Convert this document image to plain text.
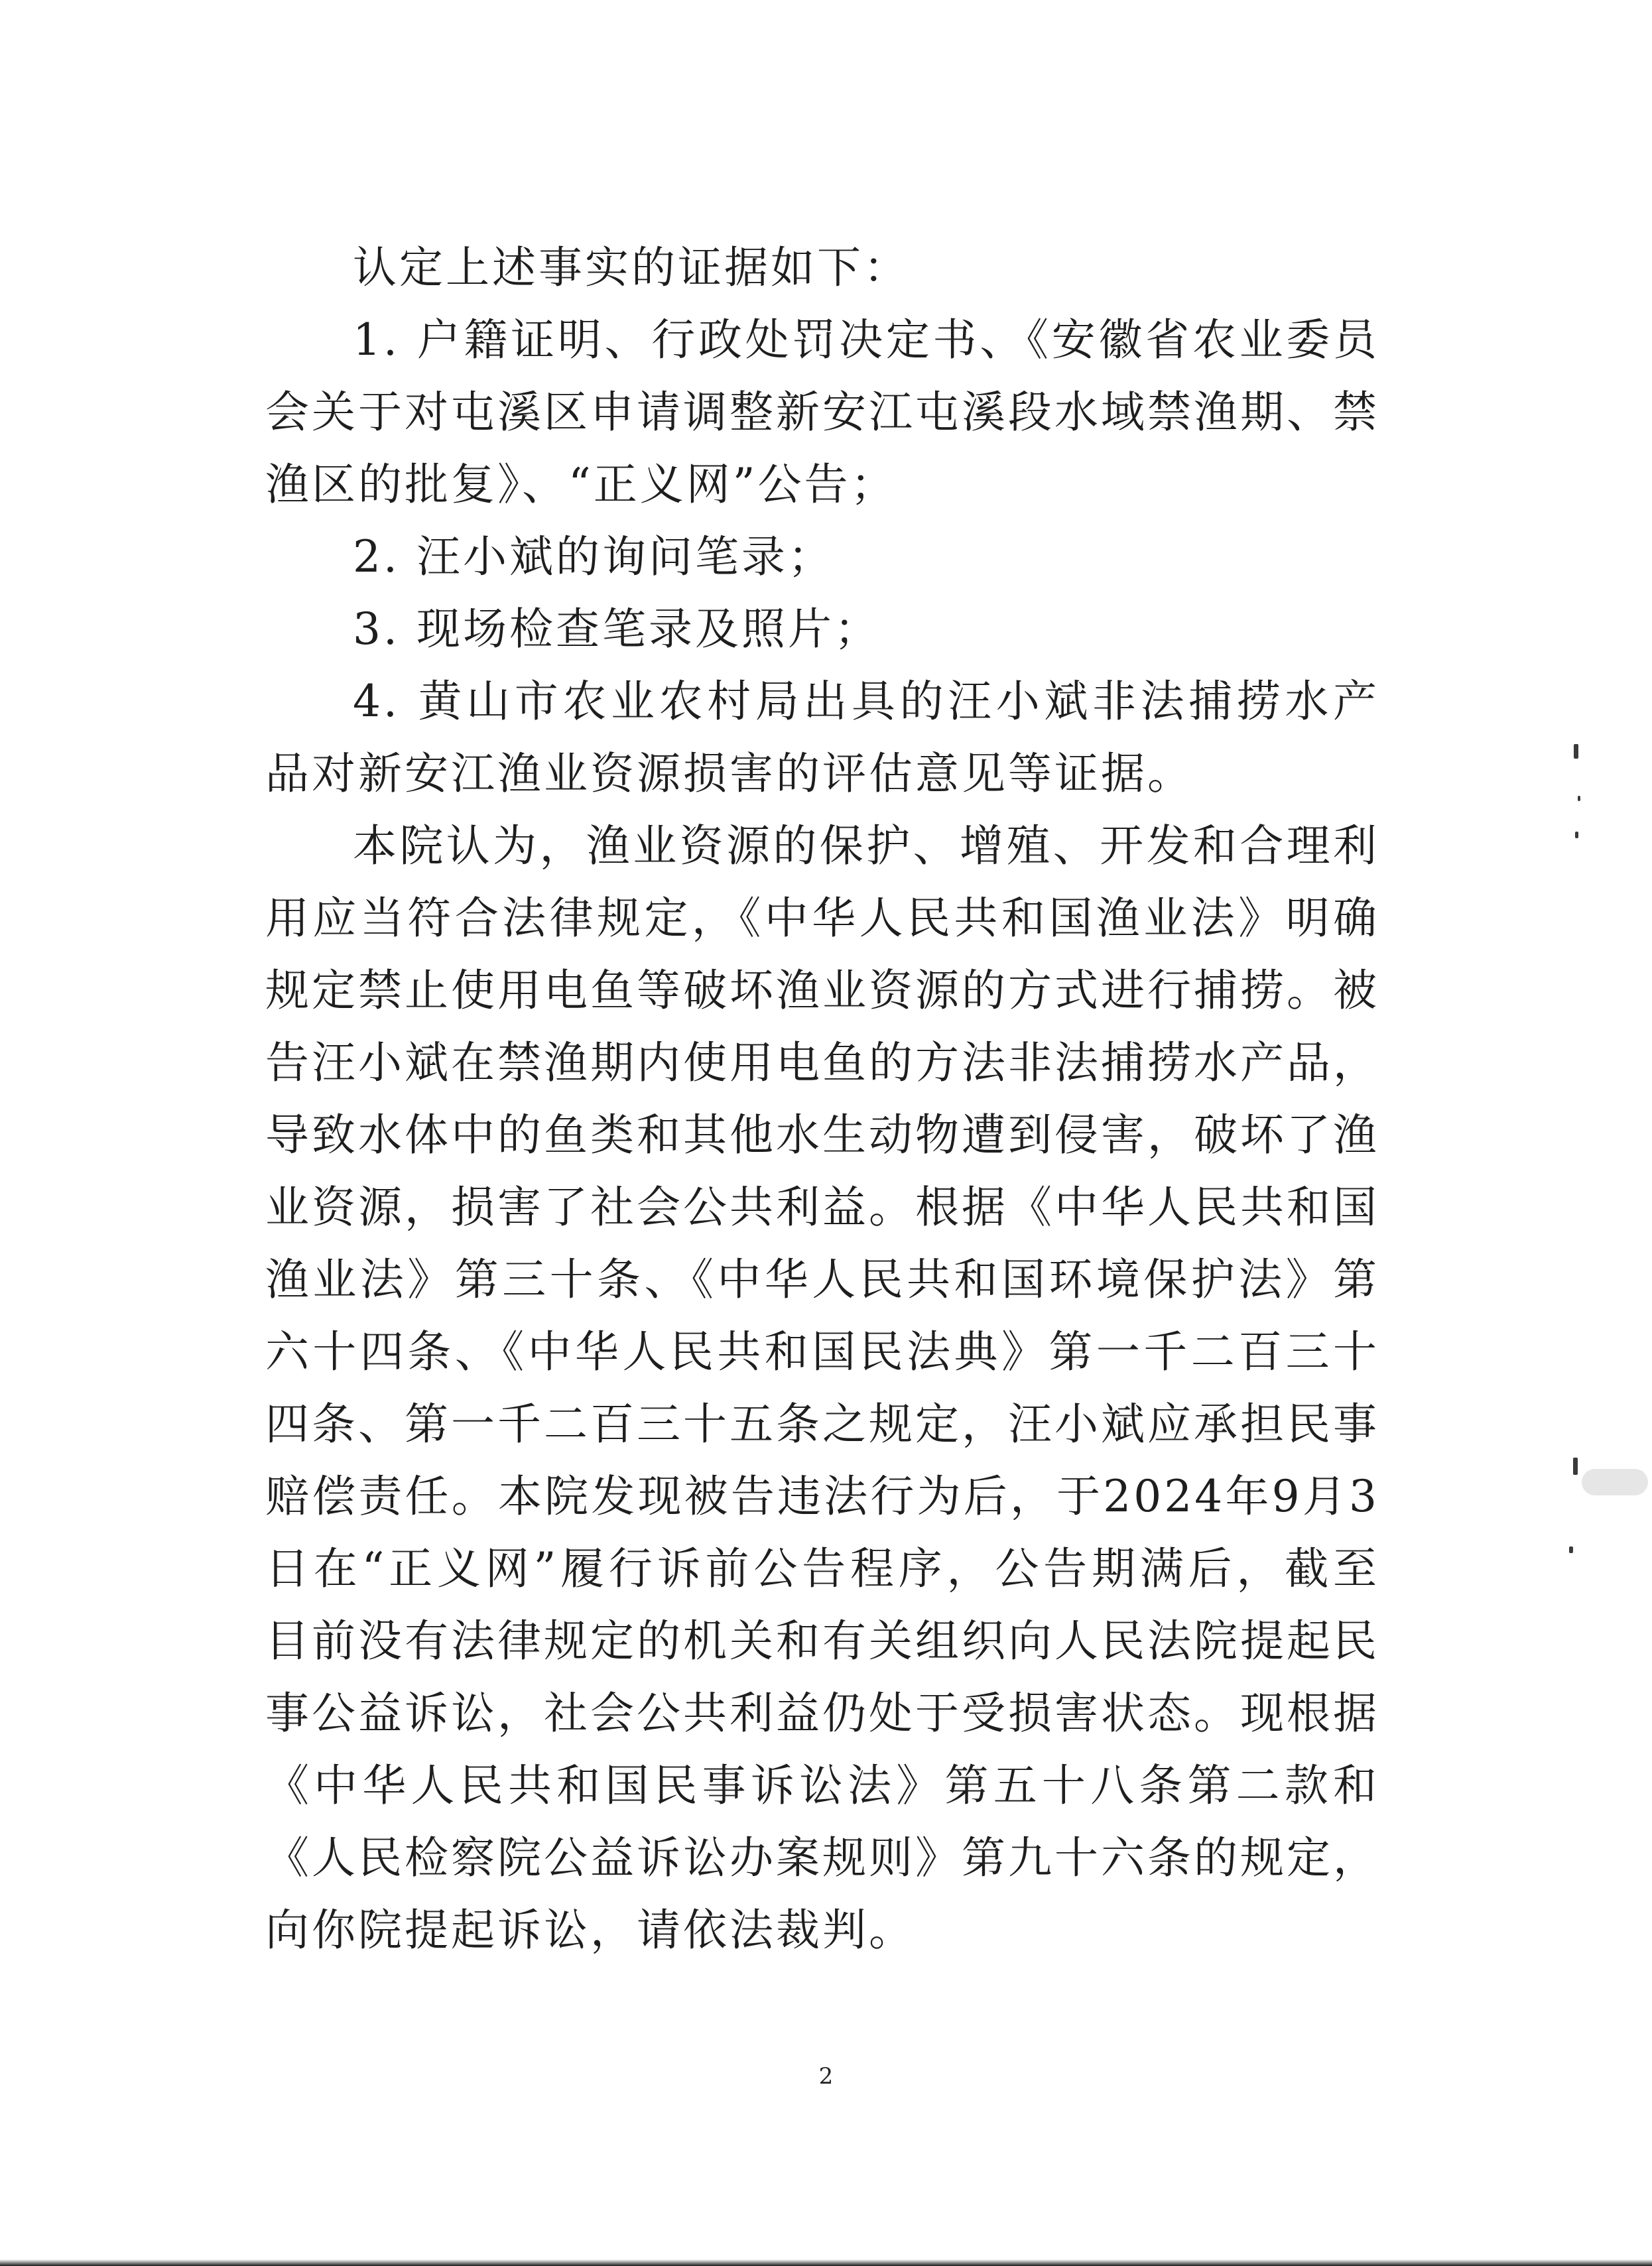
认定上述事实的证据如下：

1. 户籍证明、行政处罚决定书、《安徽省农业委员会关于对屯溪区申请调整新安江屯溪段水域禁渔期、禁渔区的批复》、“正义网”公告；

2. 汪小斌的询问笔录；

3. 现场检查笔录及照片；

4. 黄山市农业农村局出具的汪小斌非法捕捞水产品对新安江渔业资源损害的评估意见等证据。

本院认为，渔业资源的保护、增殖、开发和合理利用应当符合法律规定，《中华人民共和国渔业法》明确规定禁止使用电鱼等破坏渔业资源的方式进行捕捞。被告汪小斌在禁渔期内使用电鱼的方法非法捕捞水产品，导致水体中的鱼类和其他水生动物遭到侵害，破坏了渔业资源，损害了社会公共利益。根据《中华人民共和国渔业法》第三十条、《中华人民共和国环境保护法》第六十四条、《中华人民共和国民法典》第一千二百三十四条、第一千二百三十五条之规定，汪小斌应承担民事赔偿责任。本院发现被告违法行为后，于2024年9月3日在“正义网”履行诉前公告程序，公告期满后，截至目前没有法律规定的机关和有关组织向人民法院提起民事公益诉讼，社会公共利益仍处于受损害状态。现根据《中华人民共和国民事诉讼法》第五十八条第二款和《人民检察院公益诉讼办案规则》第九十六条的规定，向你院提起诉讼，请依法裁判。

2
